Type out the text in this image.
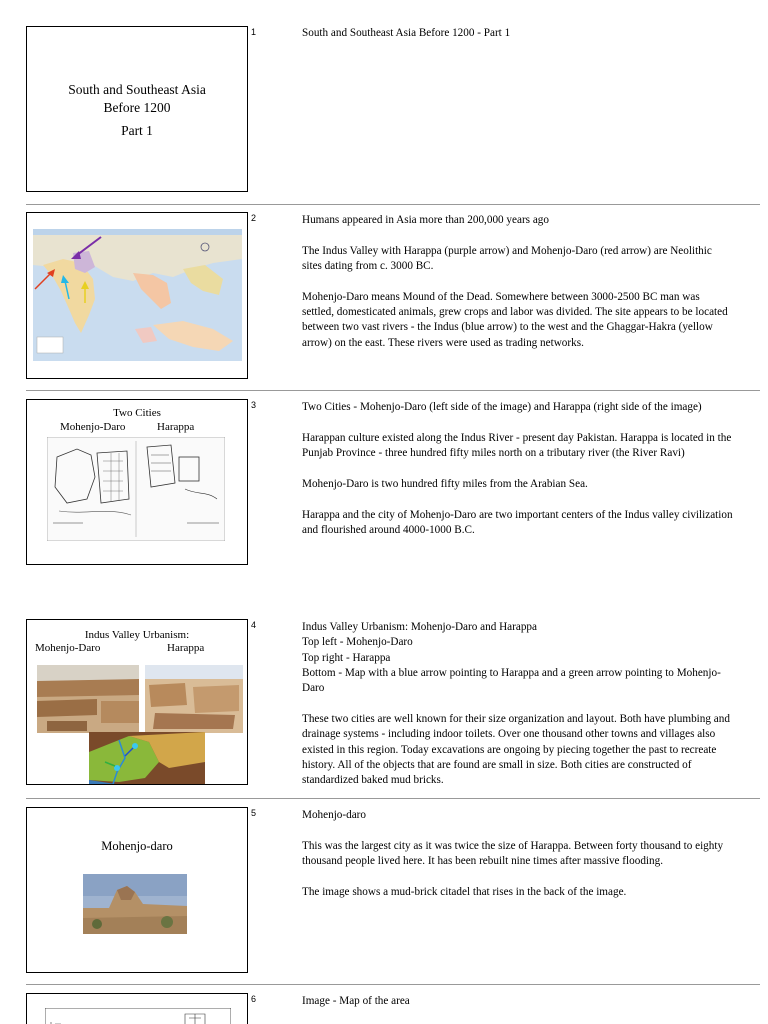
South and Southeast Asia
Before 1200
Part 1
1	South and Southeast Asia Before 1200 - Part 1

2	Humans appeared in Asia more than 200,000 years ago

The Indus Valley with Harappa (purple arrow) and Mohenjo-Daro (red arrow) are Neolithic sites dating from c. 3000 BC.

Mohenjo-Daro means Mound of the Dead. Somewhere between 3000-2500 BC man was settled, domesticated animals, grew crops and labor was divided. The site appears to be located between two vast rivers - the Indus (blue arrow) to the west and the Ghaggar-Hakra (yellow arrow) on the east. These rivers were used as trading networks.

Two Cities
Mohenjo-Daro	Harappa
3	Two Cities - Mohenjo-Daro (left side of the image) and Harappa (right side of the image)

Harappan culture existed along the Indus River - present day Pakistan. Harappa is located in the Punjab Province - three hundred fifty miles north on a tributary river (the River Ravi)

Mohenjo-Daro is two hundred fifty miles from the Arabian Sea.

Harappa and the city of Mohenjo-Daro are two important centers of the Indus valley civilization and flourished around 4000-1000 B.C.

Indus Valley Urbanism:
Mohenjo-Daro	Harappa
4	Indus Valley Urbanism: Mohenjo-Daro and Harappa
Top left - Mohenjo-Daro
Top right - Harappa

Bottom - Map with a blue arrow pointing to Harappa and a green arrow pointing to Mohenjo-Daro

These two cities are well known for their size organization and layout. Both have plumbing and drainage systems - including indoor toilets. Over one thousand other towns and villages also existed in this region. Today excavations are ongoing by piecing together the past to recreate history. All of the objects that are found are small in size. Both cities are constructed of standardized baked mud bricks.

Mohenjo-daro
5	Mohenjo-daro

This was the largest city as it was twice the size of Harappa. Between forty thousand to eighty thousand people lived here. It has been rebuilt nine times after massive flooding.

The image shows a mud-brick citadel that rises in the back of the image.

6	Image - Map of the area
